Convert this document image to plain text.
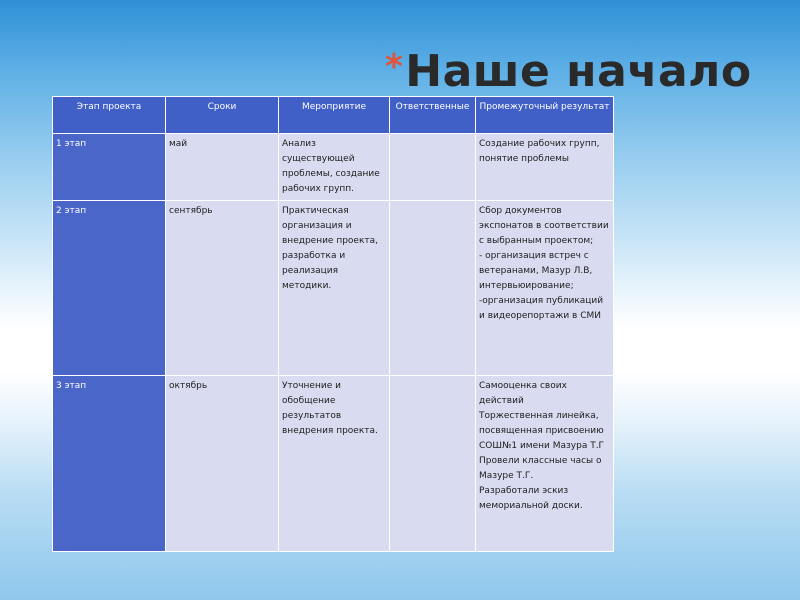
*Наше начало
Этап проекта	Сроки	Мероприятие	Ответственные	Промежуточный результат
1 этап	май	Анализ существующей проблемы, создание рабочих групп.		Создание рабочих групп, понятие проблемы
2 этап	сентябрь	Практическая организация и внедрение проекта, разработка и реализация методики.		Сбор документов экспонатов в соответствии с выбранным проектом;
- организация встреч с ветеранами, Мазур Л.В, интервьюирование;
-организация публикаций и видеорепортажи в СМИ
3 этап	октябрь	Уточнение и обобщение результатов внедрения проекта.		Самооценка своих действий
Торжественная линейка, посвященная присвоению СОШ№1 имени Мазура Т.Г
Провели классные часы о Мазуре Т.Г.
Разработали эскиз мемориальной доски.
